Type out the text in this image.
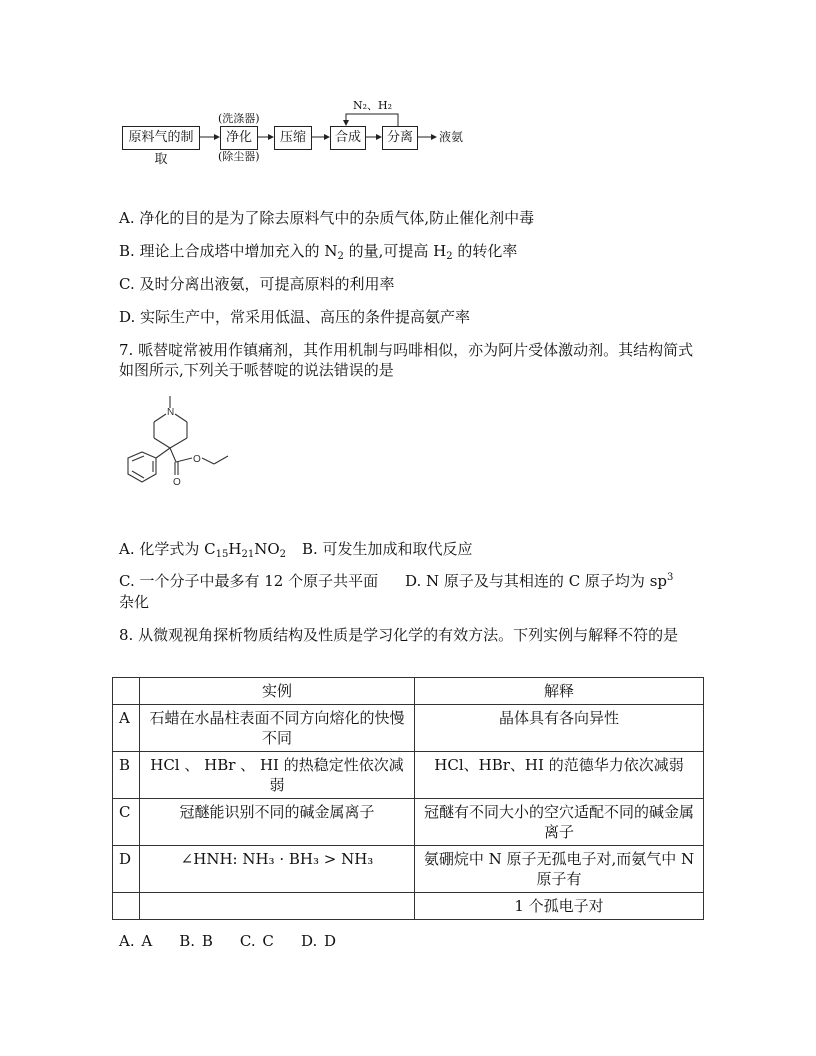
(洗涤器)
(除尘器)
N₂、H₂
原料气的制取
净化	压缩	合成	分离	液氨
A. 净化的目的是为了除去原料气中的杂质气体,防止催化剂中毒
B. 理论上合成塔中增加充入的 $N_2$ 的量,可提高 $H_2$ 的转化率
C. 及时分离出液氨，可提高原料的利用率
D. 实际生产中，常采用低温、高压的条件提高氨产率
7. 哌替啶常被用作镇痛剂，其作用机制与吗啡相似，亦为阿片受体激动剂。其结构简式如图所示,下列关于哌替啶的说法错误的是
N
O
O
A. 化学式为 $C_{15}H_{21}NO_2$ B. 可发生加成和取代反应
C. 一个分子中最多有 12 个原子共平面 D. N 原子及与其相连的 C 原子均为 $sp^3$
杂化
8. 从微观视角探析物质结构及性质是学习化学的有效方法。下列实例与解释不符的是
	实例	解释
A	石蜡在水晶柱表面不同方向熔化的快慢不同	晶体具有各向异性
B	HCl 、 HBr 、 HI 的热稳定性依次减弱	HCl、HBr、HI 的范德华力依次减弱
C	冠醚能识别不同的碱金属离子	冠醚有不同大小的空穴适配不同的碱金属离子
D	∠HNH: NH₃ · BH₃ > NH₃	氨硼烷中 N 原子无孤电子对,而氨气中 N 原子有
		1 个孤电子对
A. A    B. B    C. C    D. D
